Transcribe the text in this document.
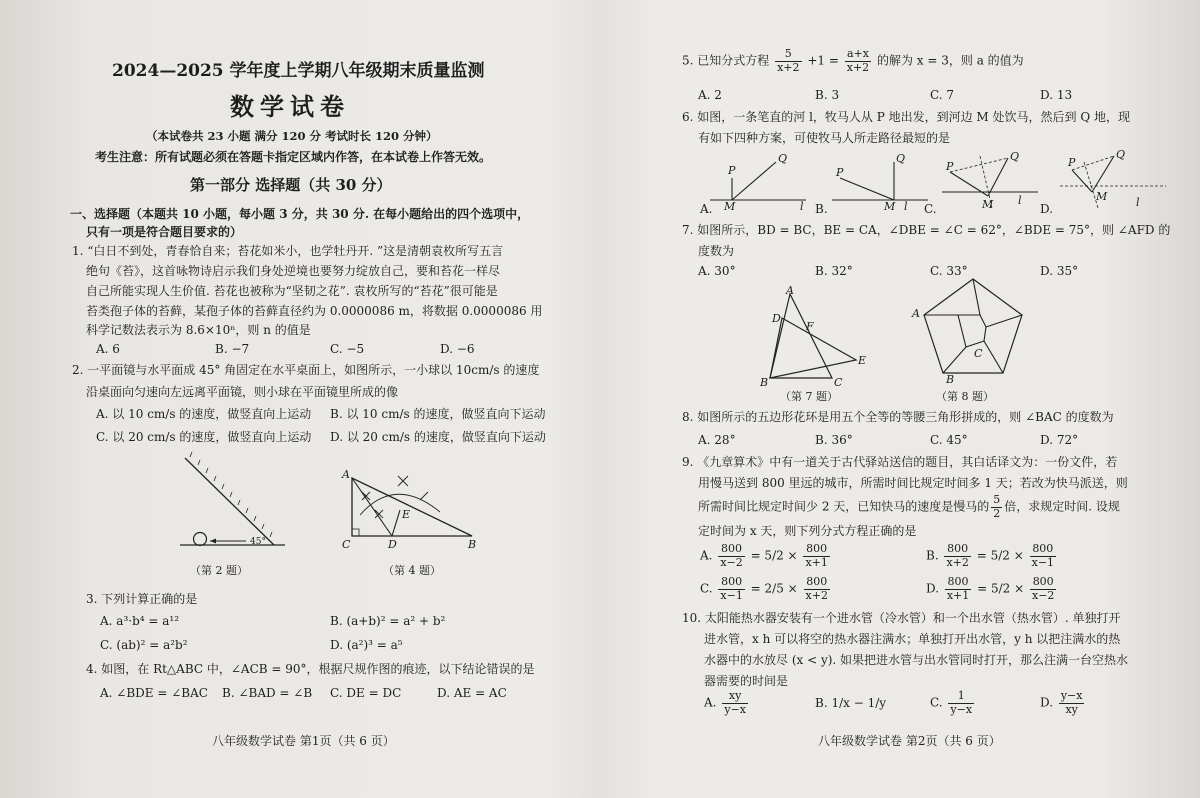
2024—2025 学年度上学期八年级期末质量监测
数学试卷
（本试卷共 23 小题 满分 120 分 考试时长 120 分钟）
考生注意：所有试题必须在答题卡指定区域内作答，在本试卷上作答无效。
第一部分 选择题（共 30 分）
一、选择题（本题共 10 小题，每小题 3 分，共 30 分. 在每小题给出的四个选项中，
只有一项是符合题目要求的）
1. “白日不到处，青春恰自来；苔花如米小，也学牡丹开. ”这是清朝袁枚所写五言
绝句《苔》，这首咏物诗启示我们身处逆境也要努力绽放自己，要和苔花一样尽
自己所能实现人生价值. 苔花也被称为“坚韧之花”. 袁枚所写的“苔花”很可能是
苔类孢子体的苔藓，某孢子体的苔藓直径约为 0.0000086 m，将数据 0.0000086 用
科学记数法表示为 8.6×10ⁿ，则 n 的值是
A. 6	B. −7	C. −5	D. −6
2. 一平面镜与水平面成 45° 角固定在水平桌面上，如图所示，一小球以 10cm/s 的速度
沿桌面向匀速向左远离平面镜，则小球在平面镜里所成的像
A. 以 10 cm/s 的速度，做竖直向上运动 B. 以 10 cm/s 的速度，做竖直向下运动
C. 以 20 cm/s 的速度，做竖直向上运动 D. 以 20 cm/s 的速度，做竖直向下运动
45°
（第 2 题）
A
E
C	D	B
（第 4 题）
3. 下列计算正确的是
A. a³·b⁴ = a¹²	B. (a+b)² = a² + b²
C. (ab)² = a²b²	D. (a²)³ = a⁵
4. 如图，在 Rt△ABC 中，∠ACB = 90°，根据尺规作图的痕迹，以下结论错误的是
A. ∠BDE = ∠BAC B. ∠BAD = ∠B C. DE = DC	D. AE = AC
八年级数学试卷 第1页（共 6 页）
5. 已知分式方程 $\frac{5}{x+2} +1 = \frac{a+x}{x+2}$ 的解为 x = 3，则 a 的值为
A. 2	B. 3	C. 7	D. 13
6. 如图，一条笔直的河 l，牧马人从 P 地出发，到河边 M 处饮马，然后到 Q 地，现
有如下四种方案，可使牧马人所走路径最短的是
P
Q
M	l
P
Q
M l
P
Q
M l
P
Q
M	l
A.	B.	C.	D.
7. 如图所示，BD = BC，BE = CA，∠DBE = ∠C = 62°，∠BDE = 75°，则 ∠AFD 的
度数为
A. 30°	B. 32°	C. 33°	D. 35°
A
D
F
E
B	C
（第 7 题）
A
B
C
（第 8 题）
8. 如图所示的五边形花环是用五个全等的等腰三角形拼成的，则 ∠BAC 的度数为
A. 28°	B. 36°	C. 45°	D. 72°
9. 《九章算术》中有一道关于古代驿站送信的题目，其白话译文为：一份文件，若
用慢马送到 800 里远的城市，所需时间比规定时间多 1 天；若改为快马派送，则
所需时间比规定时间少 2 天，已知快马的速度是慢马的 $\frac{5}{2}$ 倍，求规定时间. 设规
定时间为 x 天，则下列分式方程正确的是
A. $\frac{800}{x-2} = 5/2 \times \frac{800}{x+1}$	B. $\frac{800}{x+2} = 5/2 \times \frac{800}{x-1}$
C. $\frac{800}{x-1} = 2/5 \times \frac{800}{x+2}$	D. $\frac{800}{x+1} = 5/2 \times \frac{800}{x-2}$
10. 太阳能热水器安装有一个进水管（冷水管）和一个出水管（热水管）. 单独打开
进水管，x h 可以将空的热水器注满水；单独打开出水管，y h 以把注满水的热
水器中的水放尽 (x < y). 如果把进水管与出水管同时打开，那么注满一台空热水
器需要的时间是
A. $\frac{xy}{y-x}$	B. 1/x − 1/y	C. $\frac{1}{y-x}$	D. $\frac{y-x}{xy}$
八年级数学试卷 第2页（共 6 页）
